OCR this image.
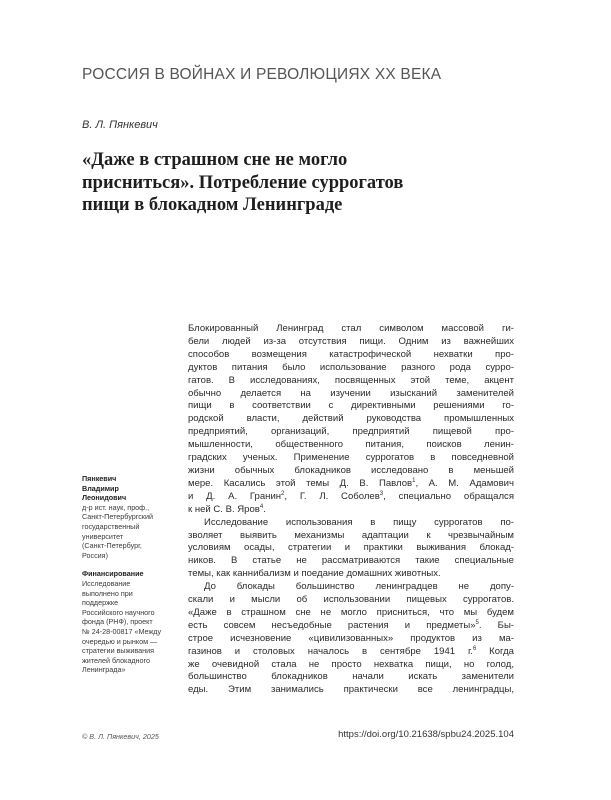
РОССИЯ В ВОЙНАХ И РЕВОЛЮЦИЯХ XX ВЕКА
В. Л. Пянкевич
«Даже в страшном сне не могло
присниться». Потребление суррогатов
пищи в блокадном Ленинграде
Пянкевич
Владимир
Леонидович
д-р ист. наук, проф.,
Санкт-Петербургский
государственный
университет
(Санкт-Петербург,
Россия)
Финансирование
Исследование
выполнено при
поддержке
Российского научного
фонда (РНФ), проект
№ 24-28-00817 «Между
очередью и рынком —
стратегии выживания
жителей блокадного
Ленинграда»
Блокированный Ленинград стал символом массовой ги-
бели людей из-за отсутствия пищи. Одним из важнейших
способов возмещения катастрофической нехватки про-
дуктов питания было использование разного рода сурро-
гатов. В исследованиях, посвященных этой теме, акцент
обычно делается на изучении изысканий заменителей
пищи в соответствии с директивными решениями го-
родской власти, действий руководства промышленных
предприятий, организаций, предприятий пищевой про-
мышленности, общественного питания, поисков ленин-
градских ученых. Применение суррогатов в повседневной
жизни обычных блокадников исследовано в меньшей
мере. Касались этой темы Д. В. Павлов$^1$, А. М. Адамович
и Д. А. Гранин$^2$, Г. Л. Соболев$^3$, специально обращался
к ней С. В. Яров$^4$.
Исследование использования в пищу суррогатов по-
зволяет выявить механизмы адаптации к чрезвычайным
условиям осады, стратегии и практики выживания блокад-
ников. В статье не рассматриваются такие специальные
темы, как каннибализм и поедание домашних животных.
До блокады большинство ленинградцев не допу-
скали и мысли об использовании пищевых суррогатов.
«Даже в страшном сне не могло присниться, что мы будем
есть совсем несъедобные растения и предметы»$^5$. Бы-
строе исчезновение «цивилизованных» продуктов из ма-
газинов и столовых началось в сентябре 1941 г.$^6$ Когда
же очевидной стала не просто нехватка пищи, но голод,
большинство блокадников начали искать заменители
еды. Этим занимались практически все ленинградцы,
© В. Л. Пянкевич, 2025	https://doi.org/10.21638/spbu24.2025.104
